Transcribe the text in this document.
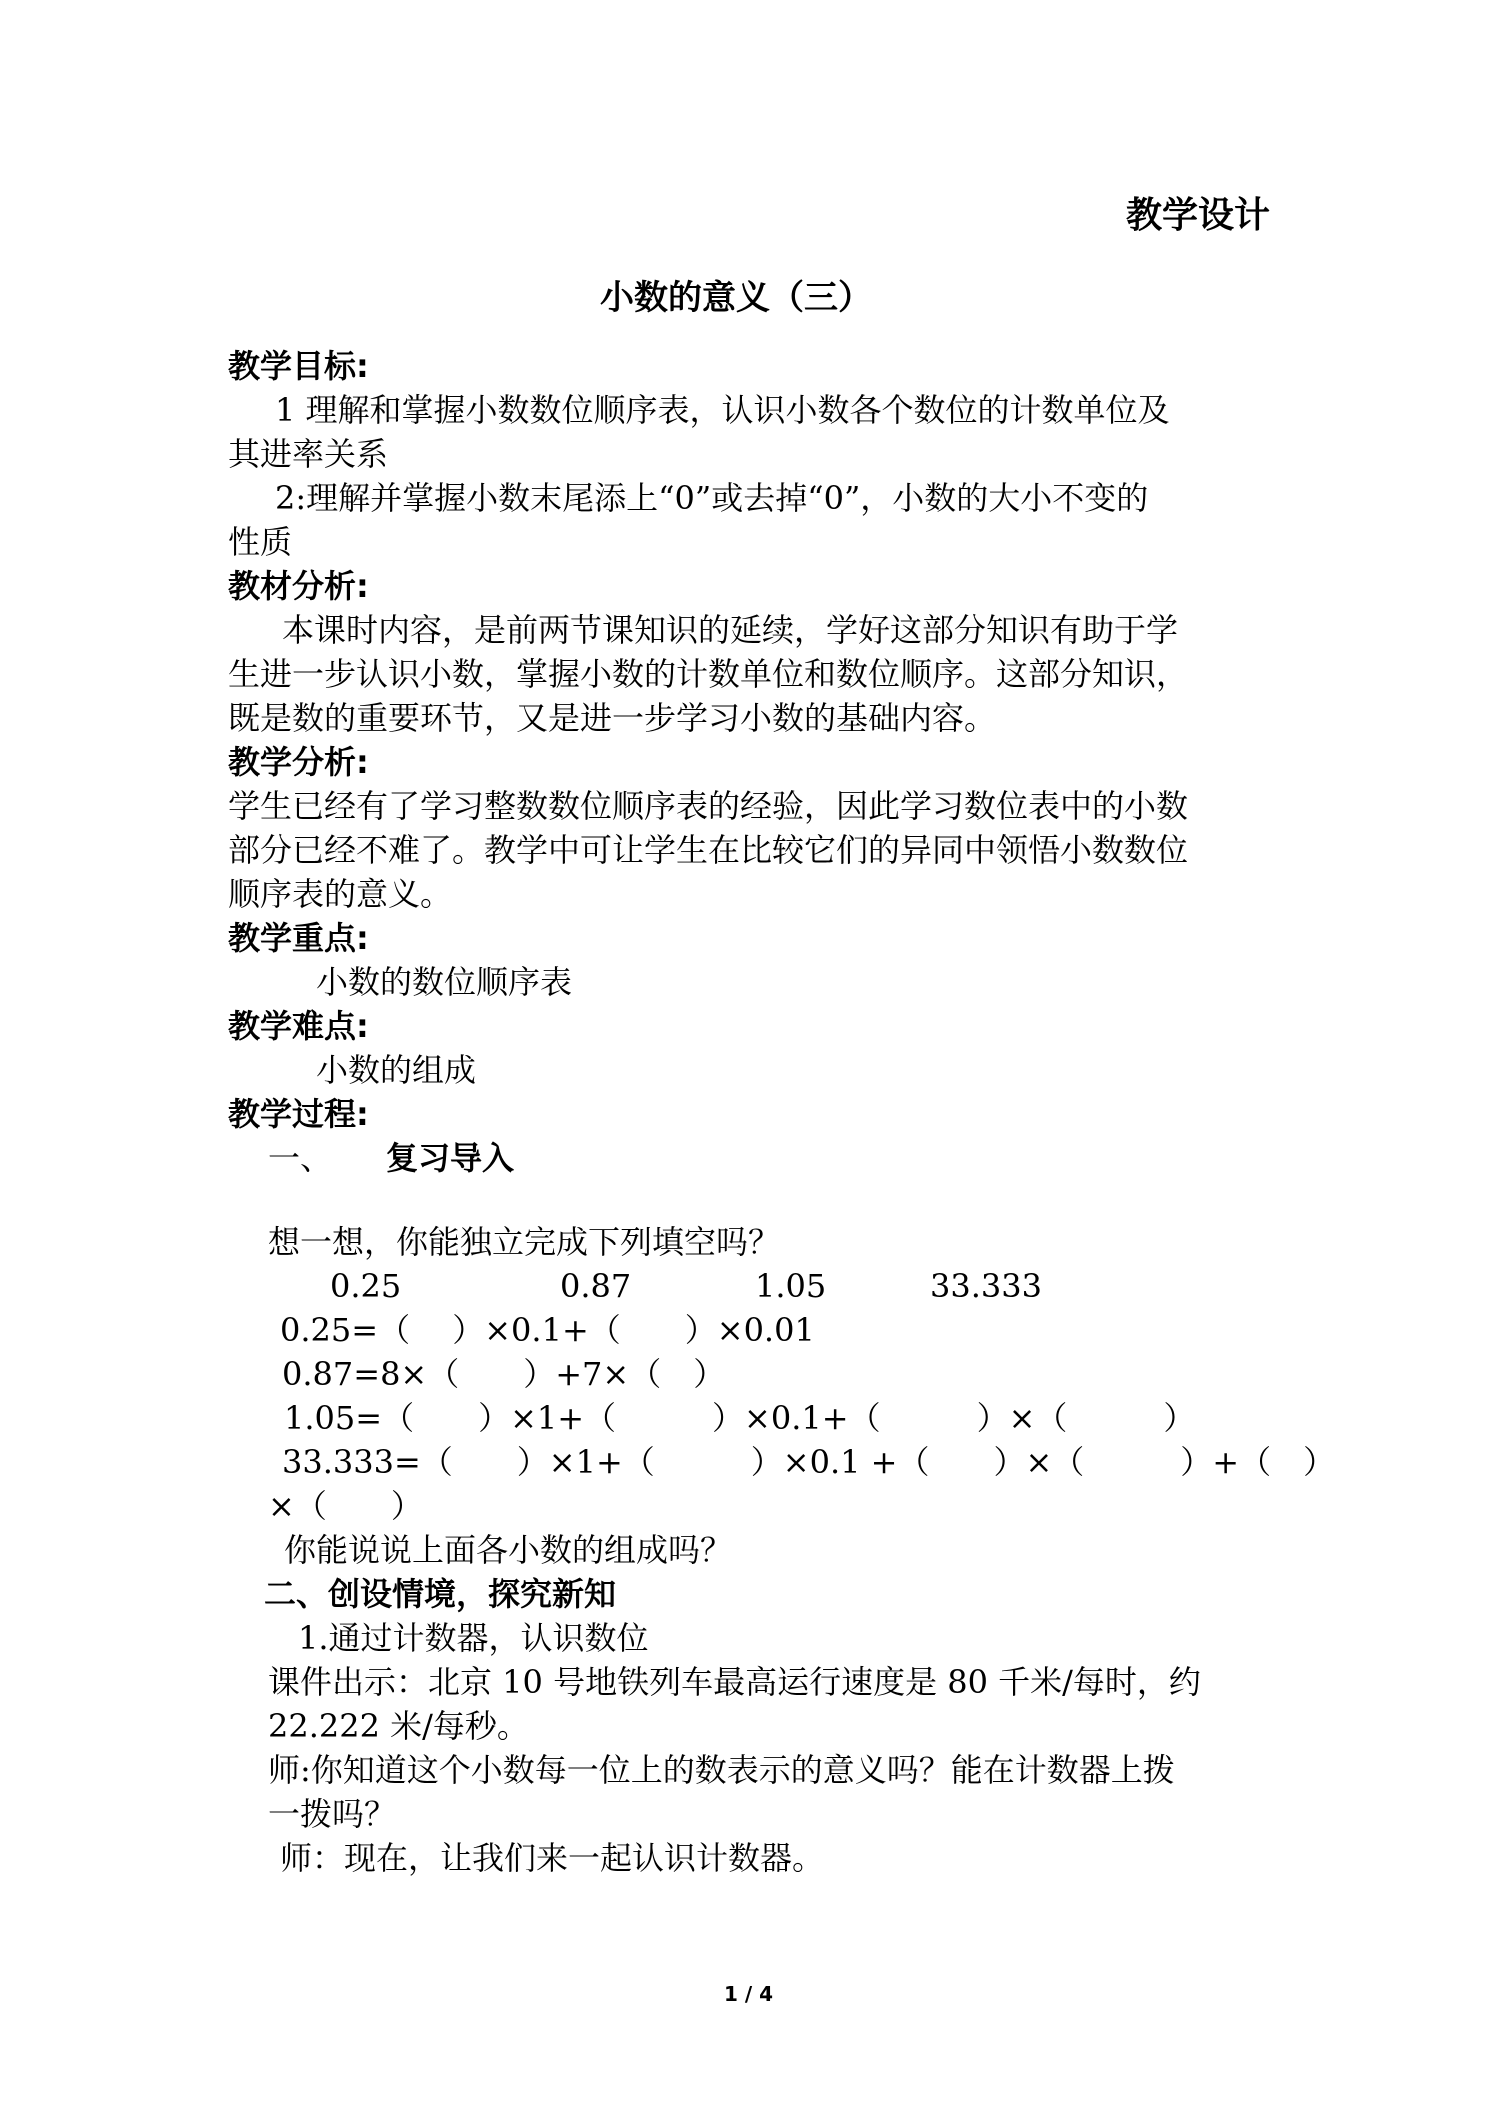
教学设计
小数的意义（三）
教学目标:
1 理解和掌握小数数位顺序表，认识小数各个数位的计数单位及
其进率关系
2:理解并掌握小数末尾添上“0”或去掉“0”，小数的大小不变的
性质
教材分析:
本课时内容，是前两节课知识的延续，学好这部分知识有助于学
生进一步认识小数，掌握小数的计数单位和数位顺序。这部分知识，
既是数的重要环节，又是进一步学习小数的基础内容。
教学分析:
学生已经有了学习整数数位顺序表的经验，因此学习数位表中的小数
部分已经不难了。教学中可让学生在比较它们的异同中领悟小数数位
顺序表的意义。
教学重点:
小数的数位顺序表
教学难点:
小数的组成
教学过程:
一、 复习导入
想一想，你能独立完成下列填空吗？
0.25	0.87	1.05	33.333
0.25=（　 ）×0.1+（　　）×0.01
0.87=8×（　　）+7×（　）
1.05=（　　）×1+（　　　）×0.1+（　　　）×（　　　）
33.333=（　　）×1+（　　　）×0.1 +（　　）×（　　　）+（　）
×（　　）
你能说说上面各小数的组成吗？
二、创设情境，探究新知
1.通过计数器，认识数位
课件出示：北京 10 号地铁列车最高运行速度是 80 千米/每时，约
22.222 米/每秒。
师:你知道这个小数每一位上的数表示的意义吗？能在计数器上拨
一拨吗？
师：现在，让我们来一起认识计数器。
1 / 4
